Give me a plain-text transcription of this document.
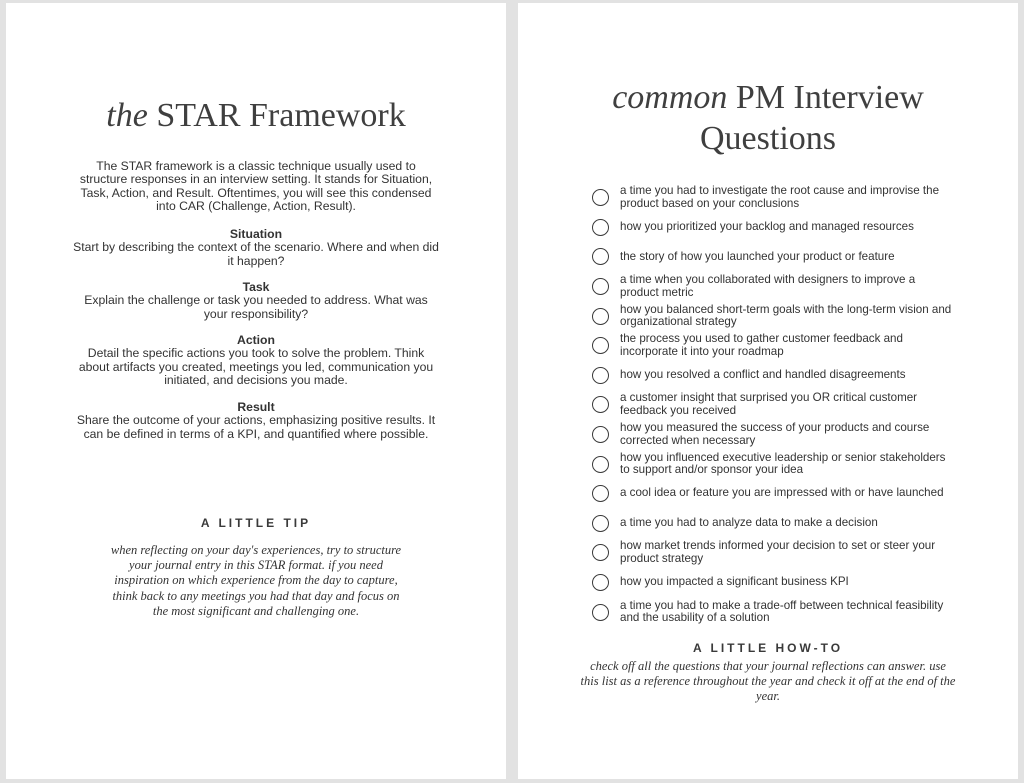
the STAR Framework
The STAR framework is a classic technique usually used to structure responses in an interview setting. It stands for Situation, Task, Action, and Result. Oftentimes, you will see this condensed into CAR (Challenge, Action, Result).
Situation
Start by describing the context of the scenario. Where and when did it happen?
Task
Explain the challenge or task you needed to address. What was your responsibility?
Action
Detail the specific actions you took to solve the problem. Think about artifacts you created, meetings you led, communication you initiated, and decisions you made.
Result
Share the outcome of your actions, emphasizing positive results. It can be defined in terms of a KPI, and quantified where possible.
A LITTLE TIP
when reflecting on your day's experiences, try to structure your journal entry in this STAR format. if you need inspiration on which experience from the day to capture, think back to any meetings you had that day and focus on the most significant and challenging one.
common PM Interview
Questions
a time you had to investigate the root cause and improvise the product based on your conclusions
how you prioritized your backlog and managed resources
the story of how you launched your product or feature
a time when you collaborated with designers to improve a product metric
how you balanced short-term goals with the long-term vision and organizational strategy
the process you used to gather customer feedback and incorporate it into your roadmap
how you resolved a conflict and handled disagreements
a customer insight that surprised you OR critical customer feedback you received
how you measured the success of your products and course corrected when necessary
how you influenced executive leadership or senior stakeholders to support and/or sponsor your idea
a cool idea or feature you are impressed with or have launched
a time you had to analyze data to make a decision
how market trends informed your decision to set or steer your product strategy
how you impacted a significant business KPI
a time you had to make a trade-off between technical feasibility and the usability of a solution
A LITTLE HOW-TO
check off all the questions that your journal reflections can answer. use this list as a reference throughout the year and check it off at the end of the year.
